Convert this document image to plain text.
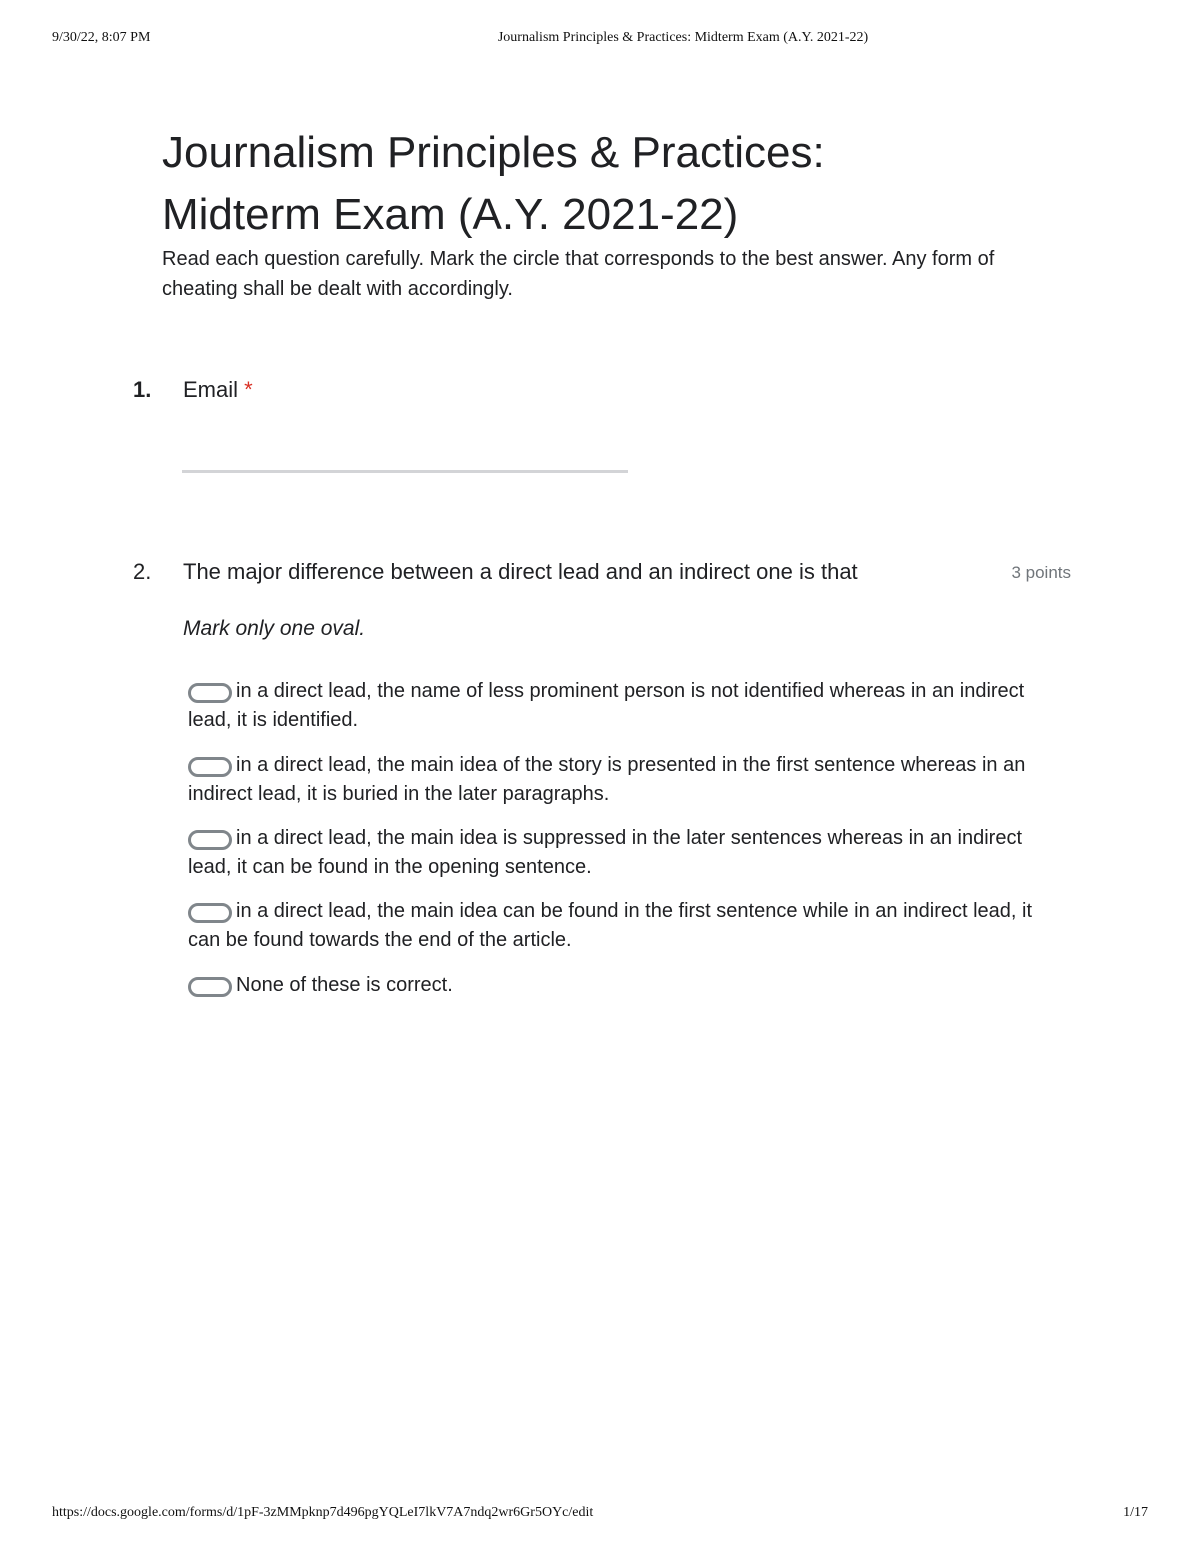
9/30/22, 8:07 PM	Journalism Principles & Practices: Midterm Exam (A.Y. 2021-22)
Journalism Principles & Practices:
Midterm Exam (A.Y. 2021-22)

Read each question carefully. Mark the circle that corresponds to the best answer. Any form of cheating shall be dealt with accordingly.

1. Email *
2. The major difference between a direct lead and an indirect one is that	3 points
Mark only one oval.
in a direct lead, the name of less prominent person is not identified whereas in an indirect lead, it is identified.
in a direct lead, the main idea of the story is presented in the first sentence whereas in an indirect lead, it is buried in the later paragraphs.
in a direct lead, the main idea is suppressed in the later sentences whereas in an indirect lead, it can be found in the opening sentence.
in a direct lead, the main idea can be found in the first sentence while in an indirect lead, it can be found towards the end of the article.
None of these is correct.
https://docs.google.com/forms/d/1pF-3zMMpknp7d496pgYQLeI7lkV7A7ndq2wr6Gr5OYc/edit	1/17
